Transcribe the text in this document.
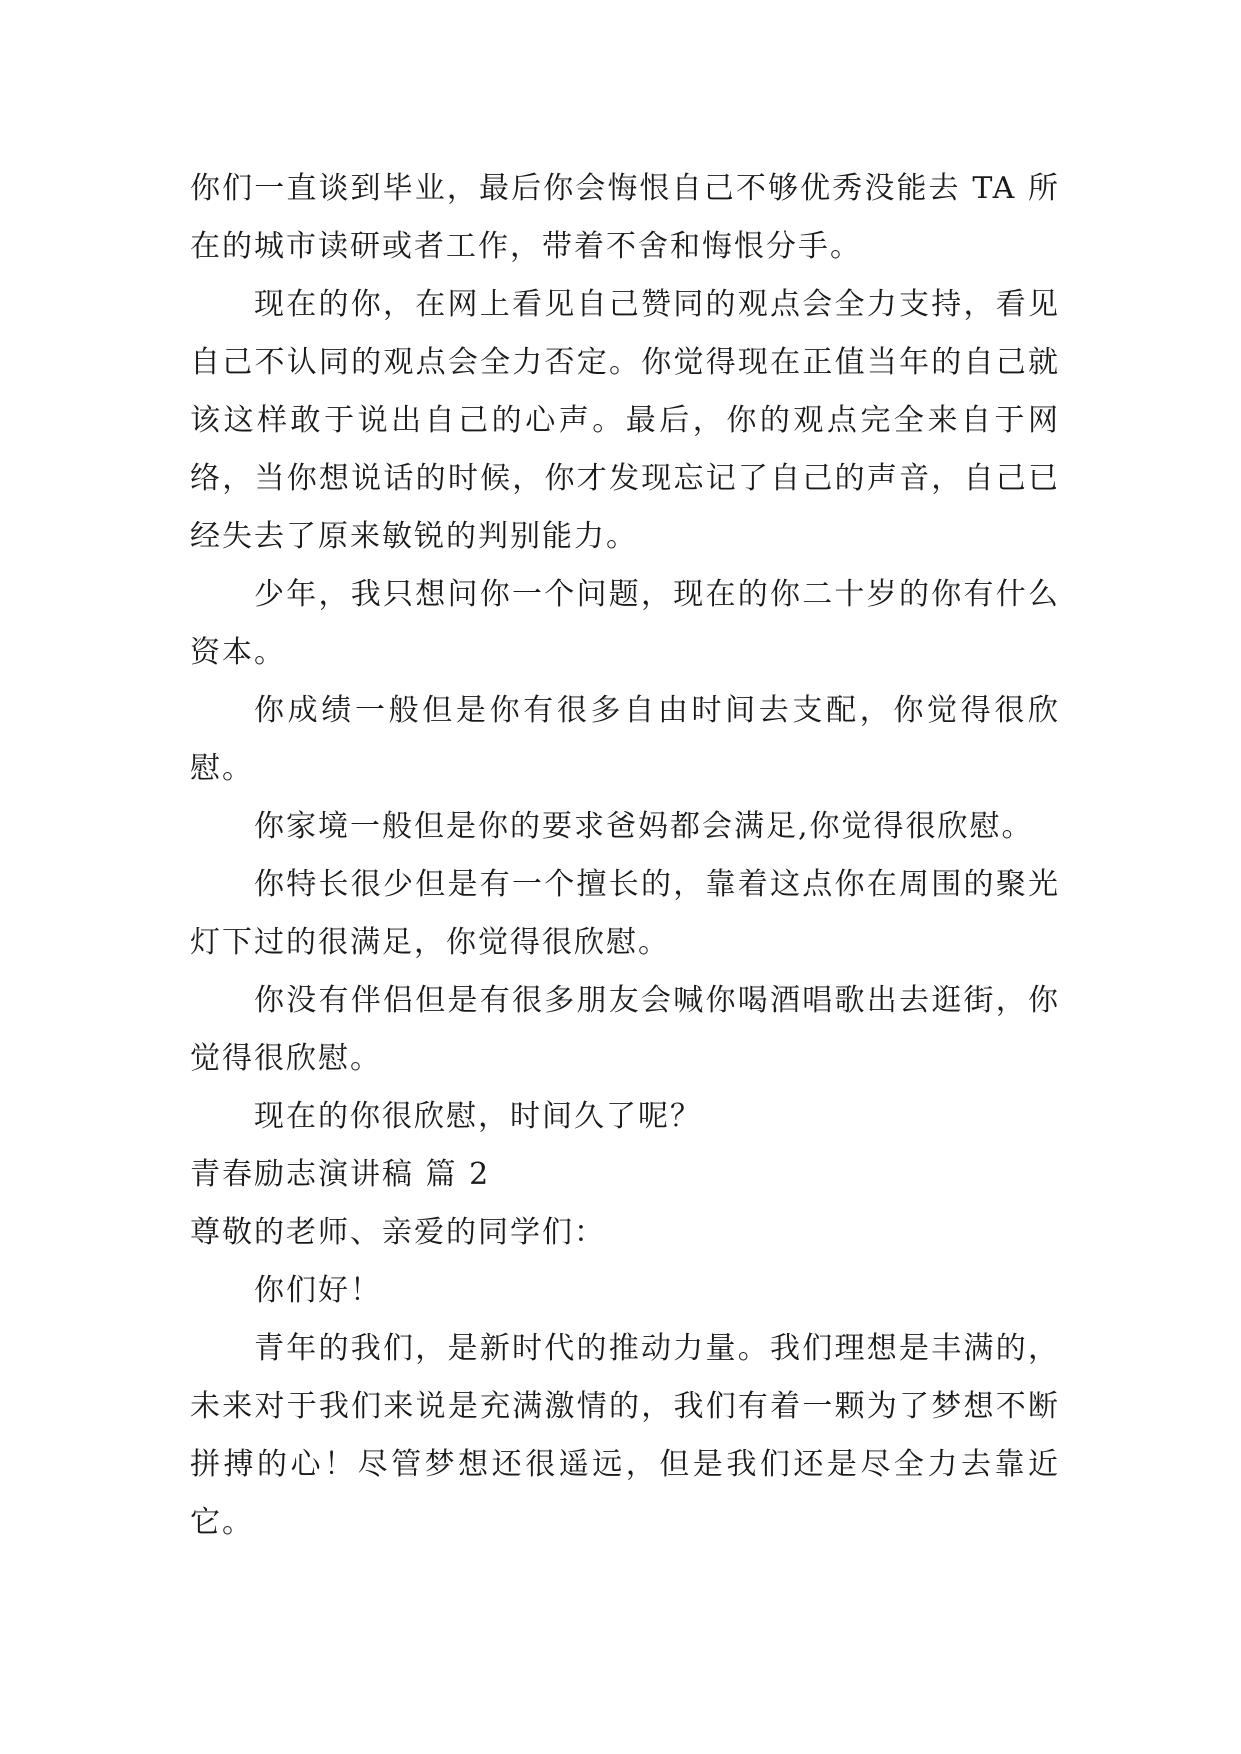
你们一直谈到毕业，最后你会悔恨自己不够优秀没能去 TA 所在的城市读研或者工作，带着不舍和悔恨分手。

现在的你，在网上看见自己赞同的观点会全力支持，看见自己不认同的观点会全力否定。你觉得现在正值当年的自己就该这样敢于说出自己的心声。最后，你的观点完全来自于网络，当你想说话的时候，你才发现忘记了自己的声音，自己已经失去了原来敏锐的判别能力。

少年，我只想问你一个问题，现在的你二十岁的你有什么资本。

你成绩一般但是你有很多自由时间去支配，你觉得很欣慰。

你家境一般但是你的要求爸妈都会满足,你觉得很欣慰。

你特长很少但是有一个擅长的，靠着这点你在周围的聚光灯下过的很满足，你觉得很欣慰。

你没有伴侣但是有很多朋友会喊你喝酒唱歌出去逛街，你觉得很欣慰。

现在的你很欣慰，时间久了呢？

青春励志演讲稿 篇 2

尊敬的老师、亲爱的同学们：

你们好！

青年的我们，是新时代的推动力量。我们理想是丰满的，未来对于我们来说是充满激情的，我们有着一颗为了梦想不断拼搏的心！尽管梦想还很遥远，但是我们还是尽全力去靠近它。
